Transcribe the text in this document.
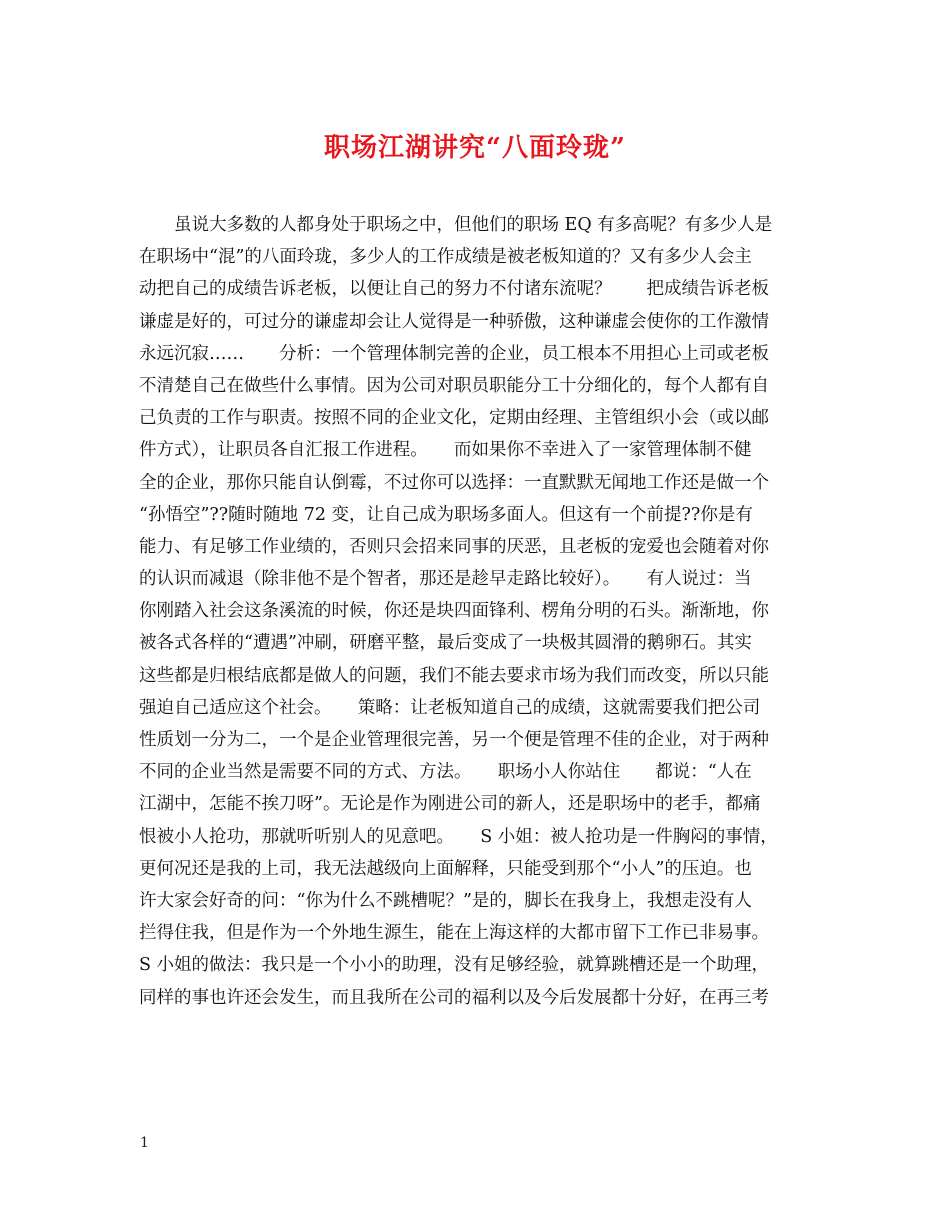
职场江湖讲究“八面玲珑”
　　虽说大多数的人都身处于职场之中，但他们的职场 EQ 有多高呢？有多少人是
在职场中“混”的八面玲珑，多少人的工作成绩是被老板知道的？又有多少人会主
动把自己的成绩告诉老板，以便让自己的努力不付诸东流呢？　　把成绩告诉老板
谦虚是好的，可过分的谦虚却会让人觉得是一种骄傲，这种谦虚会使你的工作激情
永远沉寂……　　分析：一个管理体制完善的企业，员工根本不用担心上司或老板
不清楚自己在做些什么事情。因为公司对职员职能分工十分细化的，每个人都有自
己负责的工作与职责。按照不同的企业文化，定期由经理、主管组织小会（或以邮
件方式），让职员各自汇报工作进程。　　而如果你不幸进入了一家管理体制不健
全的企业，那你只能自认倒霉，不过你可以选择：一直默默无闻地工作还是做一个
“孙悟空”??随时随地 72 变，让自己成为职场多面人。但这有一个前提??你是有
能力、有足够工作业绩的，否则只会招来同事的厌恶，且老板的宠爱也会随着对你
的认识而减退（除非他不是个智者，那还是趁早走路比较好）。　　有人说过：当
你刚踏入社会这条溪流的时候，你还是块四面锋利、楞角分明的石头。渐渐地，你
被各式各样的“遭遇”冲刷，研磨平整，最后变成了一块极其圆滑的鹅卵石。其实
这些都是归根结底都是做人的问题，我们不能去要求市场为我们而改变，所以只能
强迫自己适应这个社会。　　策略：让老板知道自己的成绩，这就需要我们把公司
性质划一分为二，一个是企业管理很完善，另一个便是管理不佳的企业，对于两种
不同的企业当然是需要不同的方式、方法。　　职场小人你站住　　都说：“人在
江湖中，怎能不挨刀呀”。无论是作为刚进公司的新人，还是职场中的老手，都痛
恨被小人抢功，那就听听别人的见意吧。　　S 小姐：被人抢功是一件胸闷的事情，
更何况还是我的上司，我无法越级向上面解释，只能受到那个“小人”的压迫。也
许大家会好奇的问：“你为什么不跳槽呢？”是的，脚长在我身上，我想走没有人
拦得住我，但是作为一个外地生源生，能在上海这样的大都市留下工作已非易事。
S 小姐的做法：我只是一个小小的助理，没有足够经验，就算跳槽还是一个助理，
同样的事也许还会发生，而且我所在公司的福利以及今后发展都十分好，在再三考
1
